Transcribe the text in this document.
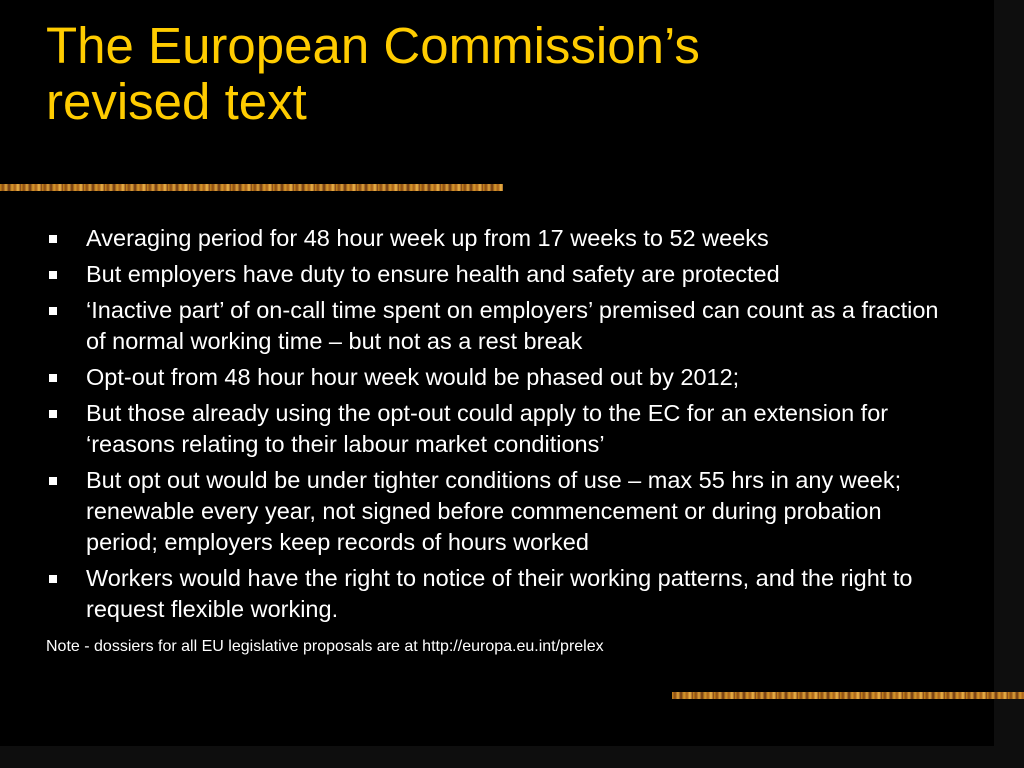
The European Commission’s
revised text
Averaging period for 48 hour week up from 17 weeks to 52 weeks
But employers have duty to ensure health and safety are protected
‘Inactive part’ of on-call time spent on employers’ premised can count as a fraction of normal working time – but not as a rest break
Opt-out from 48 hour hour week would be phased out by 2012;
But those already using the opt-out could apply to the EC for an extension for ‘reasons relating to their labour market conditions’
But opt out would be under tighter conditions of use – max 55 hrs in any week; renewable every year, not signed before commencement or during probation period; employers keep records of hours worked
Workers would have the right to notice of their working patterns, and the right to request flexible working.
Note - dossiers for all EU legislative proposals are at http://europa.eu.int/prelex
